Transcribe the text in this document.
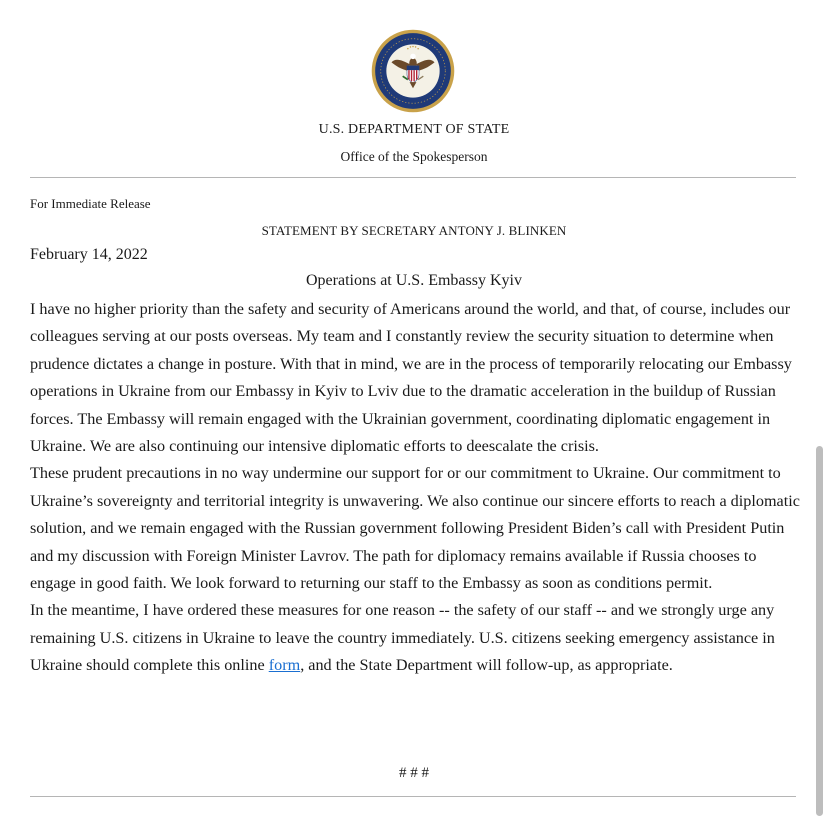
U.S. DEPARTMENT OF STATE
Office of the Spokesperson
For Immediate Release
STATEMENT BY SECRETARY ANTONY J. BLINKEN
February 14, 2022
Operations at U.S. Embassy Kyiv

I have no higher priority than the safety and security of Americans around the world, and that, of course, includes our colleagues serving at our posts overseas. My team and I constantly review the security situation to determine when prudence dictates a change in posture. With that in mind, we are in the process of temporarily relocating our Embassy operations in Ukraine from our Embassy in Kyiv to Lviv due to the dramatic acceleration in the buildup of Russian forces. The Embassy will remain engaged with the Ukrainian government, coordinating diplomatic engagement in Ukraine. We are also continuing our intensive diplomatic efforts to deescalate the crisis.

These prudent precautions in no way undermine our support for or our commitment to Ukraine. Our commitment to Ukraine’s sovereignty and territorial integrity is unwavering. We also continue our sincere efforts to reach a diplomatic solution, and we remain engaged with the Russian government following President Biden’s call with President Putin and my discussion with Foreign Minister Lavrov. The path for diplomacy remains available if Russia chooses to engage in good faith. We look forward to returning our staff to the Embassy as soon as conditions permit.

In the meantime, I have ordered these measures for one reason -- the safety of our staff -- and we strongly urge any remaining U.S. citizens in Ukraine to leave the country immediately. U.S. citizens seeking emergency assistance in Ukraine should complete this online form, and the State Department will follow-up, as appropriate.

# # #
